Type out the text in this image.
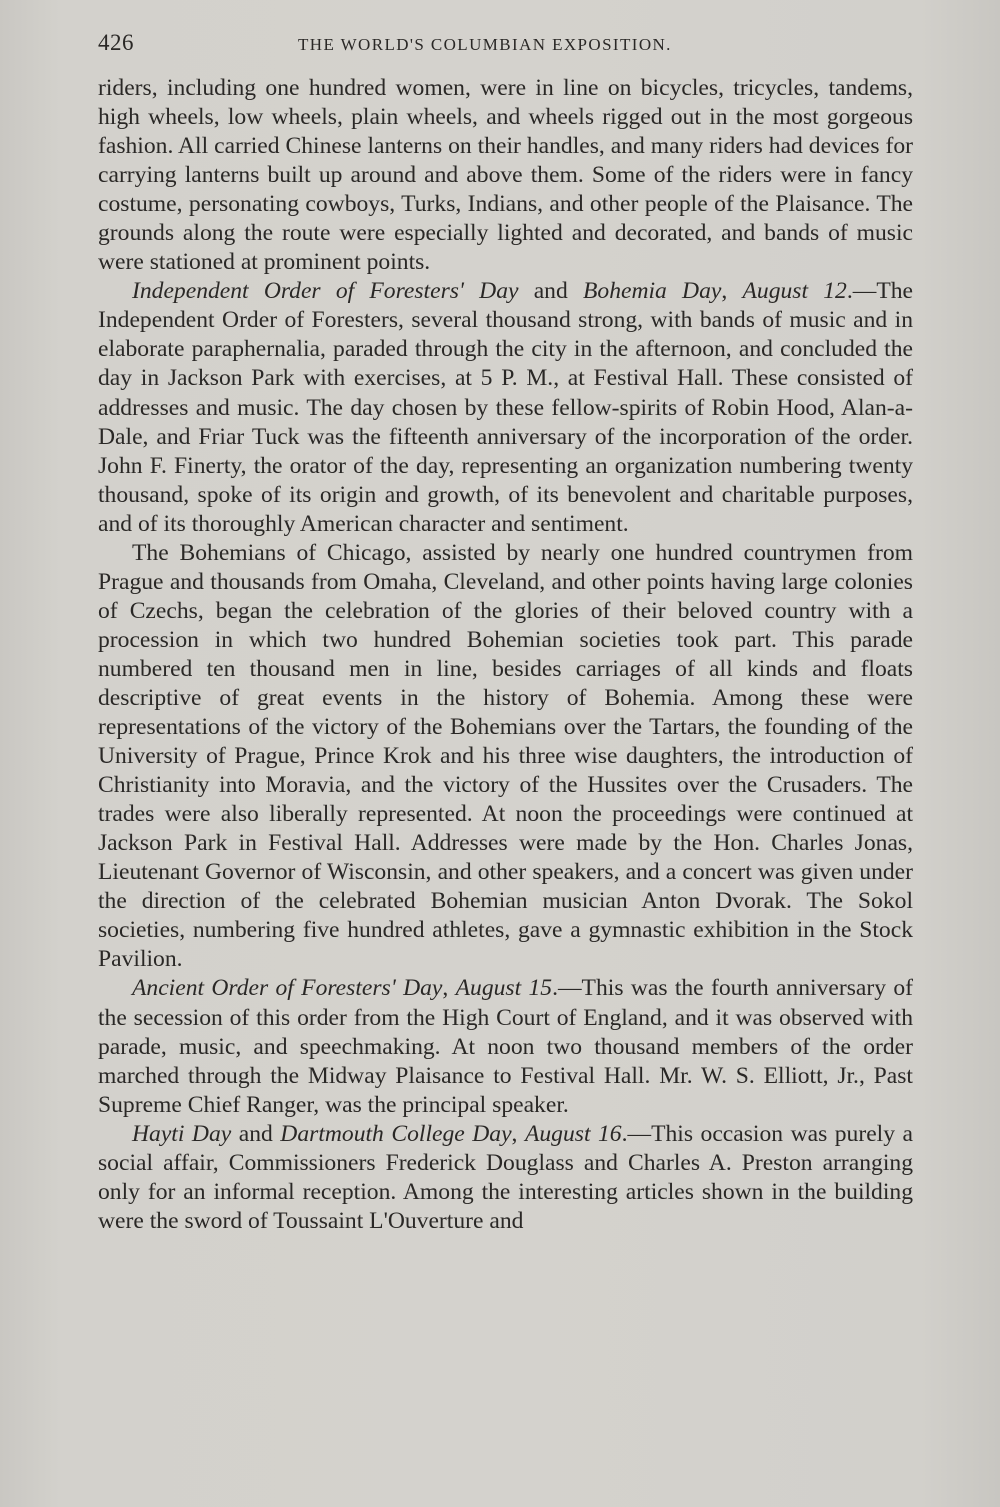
426	THE WORLD'S COLUMBIAN EXPOSITION.

riders, including one hundred women, were in line on bicycles, tricycles, tandems, high wheels, low wheels, plain wheels, and wheels rigged out in the most gorgeous fashion. All carried Chinese lanterns on their handles, and many riders had devices for carrying lanterns built up around and above them. Some of the riders were in fancy costume, personating cowboys, Turks, Indians, and other people of the Plaisance. The grounds along the route were especially lighted and decorated, and bands of music were stationed at prominent points.

Independent Order of Foresters' Day and Bohemia Day, August 12.—The Independent Order of Foresters, several thousand strong, with bands of music and in elaborate paraphernalia, paraded through the city in the afternoon, and concluded the day in Jackson Park with exercises, at 5 P. M., at Festival Hall. These consisted of addresses and music. The day chosen by these fellow-spirits of Robin Hood, Alan-a-Dale, and Friar Tuck was the fifteenth anniversary of the incorporation of the order. John F. Finerty, the orator of the day, representing an organization numbering twenty thousand, spoke of its origin and growth, of its benevolent and charitable purposes, and of its thoroughly American character and sentiment.

The Bohemians of Chicago, assisted by nearly one hundred countrymen from Prague and thousands from Omaha, Cleveland, and other points having large colonies of Czechs, began the celebration of the glories of their beloved country with a procession in which two hundred Bohemian societies took part. This parade numbered ten thousand men in line, besides carriages of all kinds and floats descriptive of great events in the history of Bohemia. Among these were representations of the victory of the Bohemians over the Tartars, the founding of the University of Prague, Prince Krok and his three wise daughters, the introduction of Christianity into Moravia, and the victory of the Hussites over the Crusaders. The trades were also liberally represented. At noon the proceedings were continued at Jackson Park in Festival Hall. Addresses were made by the Hon. Charles Jonas, Lieutenant Governor of Wisconsin, and other speakers, and a concert was given under the direction of the celebrated Bohemian musician Anton Dvorak. The Sokol societies, numbering five hundred athletes, gave a gymnastic exhibition in the Stock Pavilion.

Ancient Order of Foresters' Day, August 15.—This was the fourth anniversary of the secession of this order from the High Court of England, and it was observed with parade, music, and speechmaking. At noon two thousand members of the order marched through the Midway Plaisance to Festival Hall. Mr. W. S. Elliott, Jr., Past Supreme Chief Ranger, was the principal speaker.

Hayti Day and Dartmouth College Day, August 16.—This occasion was purely a social affair, Commissioners Frederick Douglass and Charles A. Preston arranging only for an informal reception. Among the interesting articles shown in the building were the sword of Toussaint L'Ouverture and
